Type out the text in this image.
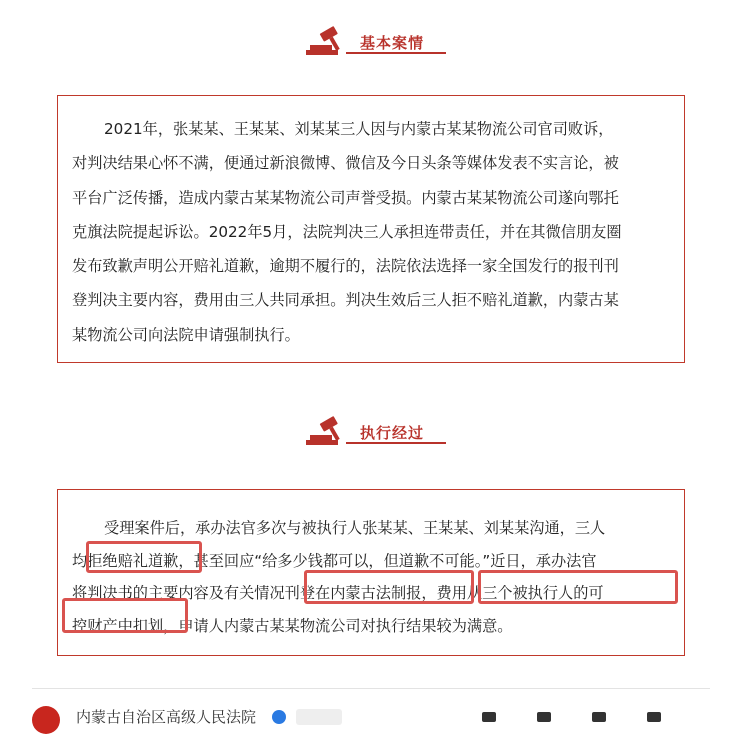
基本案情
2021年，张某某、王某某、刘某某三人因与内蒙古某某物流公司官司败诉，
对判决结果心怀不满，便通过新浪微博、微信及今日头条等媒体发表不实言论，被
平台广泛传播，造成内蒙古某某物流公司声誉受损。内蒙古某某物流公司遂向鄂托
克旗法院提起诉讼。2022年5月，法院判决三人承担连带责任，并在其微信朋友圈
发布致歉声明公开赔礼道歉，逾期不履行的，法院依法选择一家全国发行的报刊刊
登判决主要内容，费用由三人共同承担。判决生效后三人拒不赔礼道歉，内蒙古某
某物流公司向法院申请强制执行。
执行经过
受理案件后，承办法官多次与被执行人张某某、王某某、刘某某沟通，三人
均拒绝赔礼道歉，甚至回应“给多少钱都可以，但道歉不可能。”近日，承办法官
将判决书的主要内容及有关情况刊登在内蒙古法制报，费用从三个被执行人的可
控财产中扣划，申请人内蒙古某某物流公司对执行结果较为满意。
内蒙古自治区高级人民法院
